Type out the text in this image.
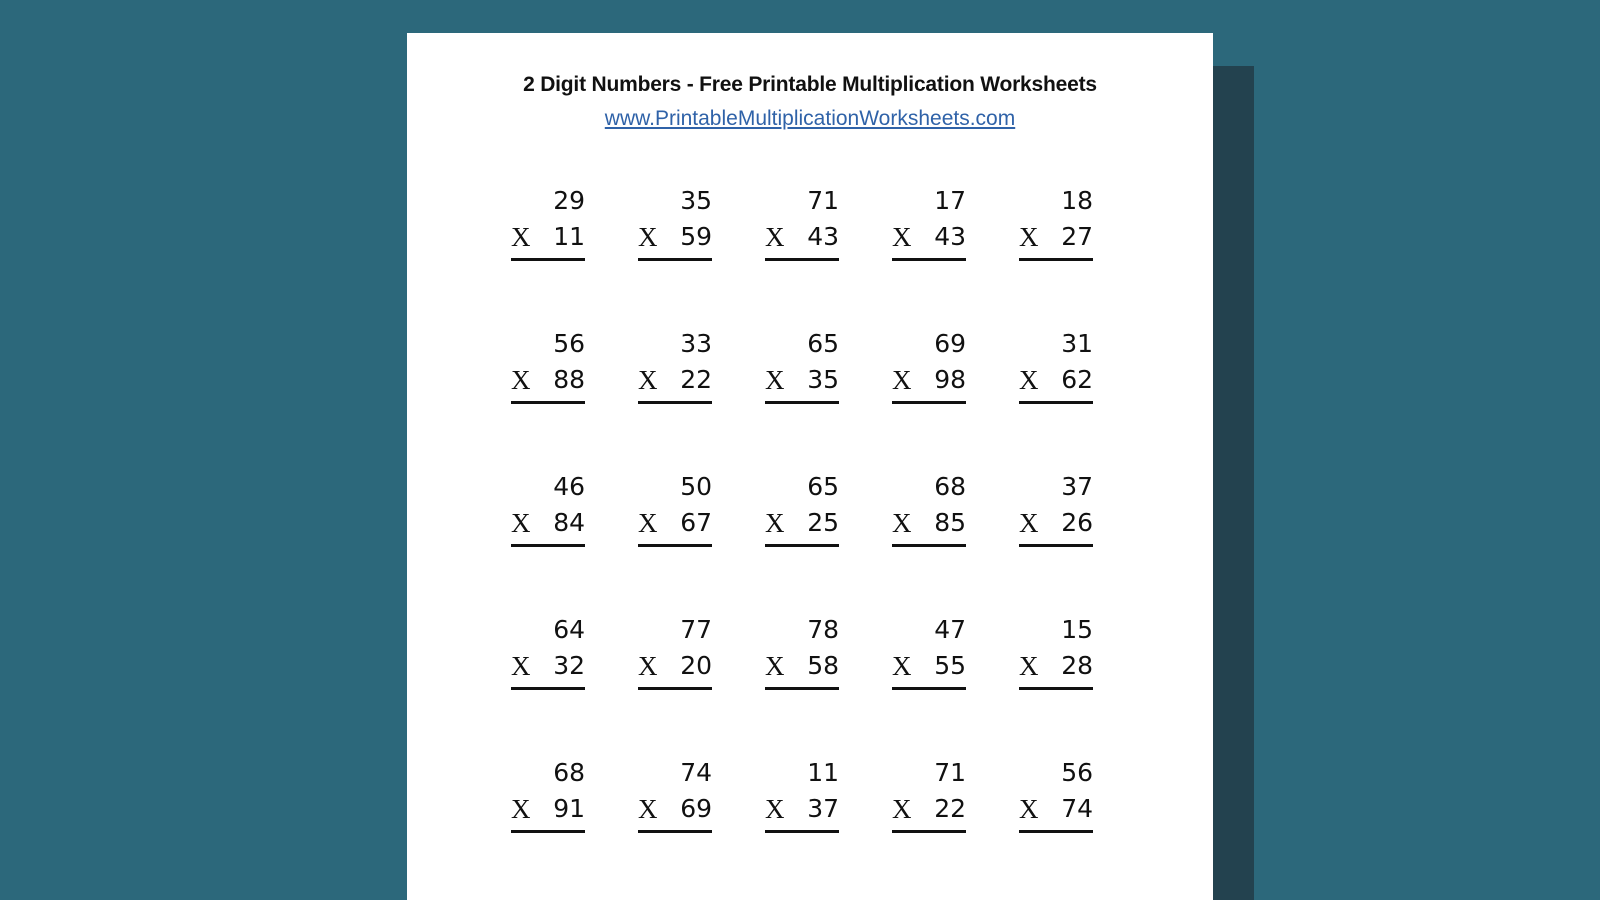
2 Digit Numbers - Free Printable Multiplication Worksheets
www.PrintableMultiplicationWorksheets.com
29
X 11
35
X 59
71
X 43
17
X 43
18
X 27
56
X 88
33
X 22
65
X 35
69
X 98
31
X 62
46
X 84
50
X 67
65
X 25
68
X 85
37
X 26
64
X 32
77
X 20
78
X 58
47
X 55
15
X 28
68
X 91
74
X 69
11
X 37
71
X 22
56
X 74
